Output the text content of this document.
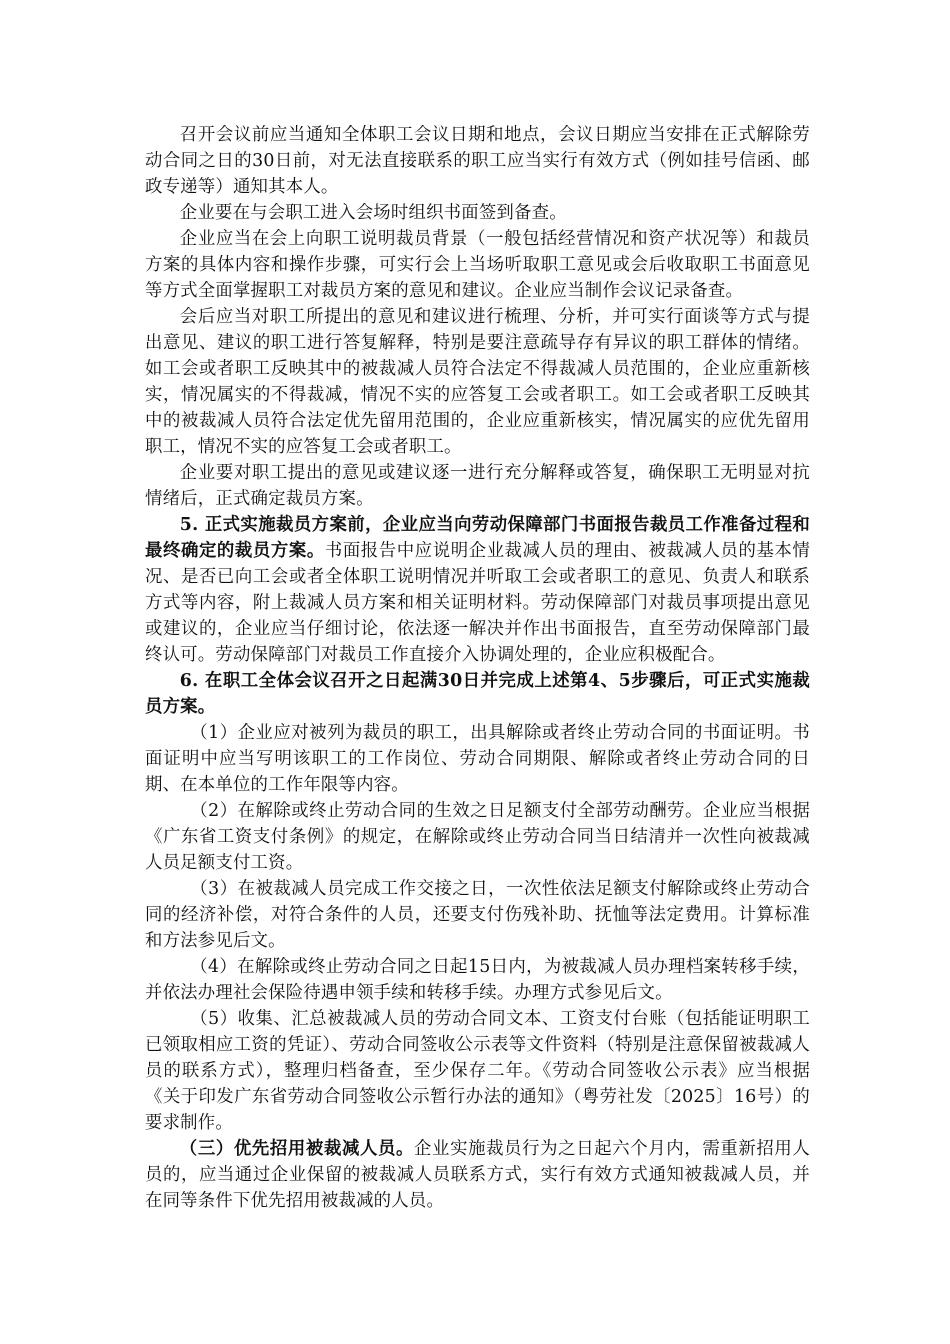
召开会议前应当通知全体职工会议日期和地点，会议日期应当安排在正式解除劳动合同之日的30日前，对无法直接联系的职工应当实行有效方式（例如挂号信函、邮政专递等）通知其本人。

企业要在与会职工进入会场时组织书面签到备查。

企业应当在会上向职工说明裁员背景（一般包括经营情况和资产状况等）和裁员方案的具体内容和操作步骤，可实行会上当场听取职工意见或会后收取职工书面意见等方式全面掌握职工对裁员方案的意见和建议。企业应当制作会议记录备查。

会后应当对职工所提出的意见和建议进行梳理、分析，并可实行面谈等方式与提出意见、建议的职工进行答复解释，特别是要注意疏导存有异议的职工群体的情绪。如工会或者职工反映其中的被裁减人员符合法定不得裁减人员范围的，企业应重新核实，情况属实的不得裁减，情况不实的应答复工会或者职工。如工会或者职工反映其中的被裁减人员符合法定优先留用范围的，企业应重新核实，情况属实的应优先留用职工，情况不实的应答复工会或者职工。

企业要对职工提出的意见或建议逐一进行充分解释或答复，确保职工无明显对抗情绪后，正式确定裁员方案。

5. 正式实施裁员方案前，企业应当向劳动保障部门书面报告裁员工作准备过程和最终确定的裁员方案。书面报告中应说明企业裁减人员的理由、被裁减人员的基本情况、是否已向工会或者全体职工说明情况并听取工会或者职工的意见、负责人和联系方式等内容，附上裁减人员方案和相关证明材料。劳动保障部门对裁员事项提出意见或建议的，企业应当仔细讨论，依法逐一解决并作出书面报告，直至劳动保障部门最终认可。劳动保障部门对裁员工作直接介入协调处理的，企业应积极配合。

6. 在职工全体会议召开之日起满30日并完成上述第4、5步骤后，可正式实施裁员方案。

（1）企业应对被列为裁员的职工，出具解除或者终止劳动合同的书面证明。书面证明中应当写明该职工的工作岗位、劳动合同期限、解除或者终止劳动合同的日期、在本单位的工作年限等内容。

（2）在解除或终止劳动合同的生效之日足额支付全部劳动酬劳。企业应当根据《广东省工资支付条例》的规定，在解除或终止劳动合同当日结清并一次性向被裁减人员足额支付工资。

（3）在被裁减人员完成工作交接之日，一次性依法足额支付解除或终止劳动合同的经济补偿，对符合条件的人员，还要支付伤残补助、抚恤等法定费用。计算标准和方法参见后文。

（4）在解除或终止劳动合同之日起15日内，为被裁减人员办理档案转移手续，并依法办理社会保险待遇申领手续和转移手续。办理方式参见后文。

（5）收集、汇总被裁减人员的劳动合同文本、工资支付台账（包括能证明职工已领取相应工资的凭证）、劳动合同签收公示表等文件资料（特别是注意保留被裁减人员的联系方式），整理归档备查，至少保存二年。《劳动合同签收公示表》应当根据《关于印发广东省劳动合同签收公示暂行办法的通知》（粤劳社发〔2025〕16号）的要求制作。

（三）优先招用被裁减人员。企业实施裁员行为之日起六个月内，需重新招用人员的，应当通过企业保留的被裁减人员联系方式，实行有效方式通知被裁减人员，并在同等条件下优先招用被裁减的人员。
